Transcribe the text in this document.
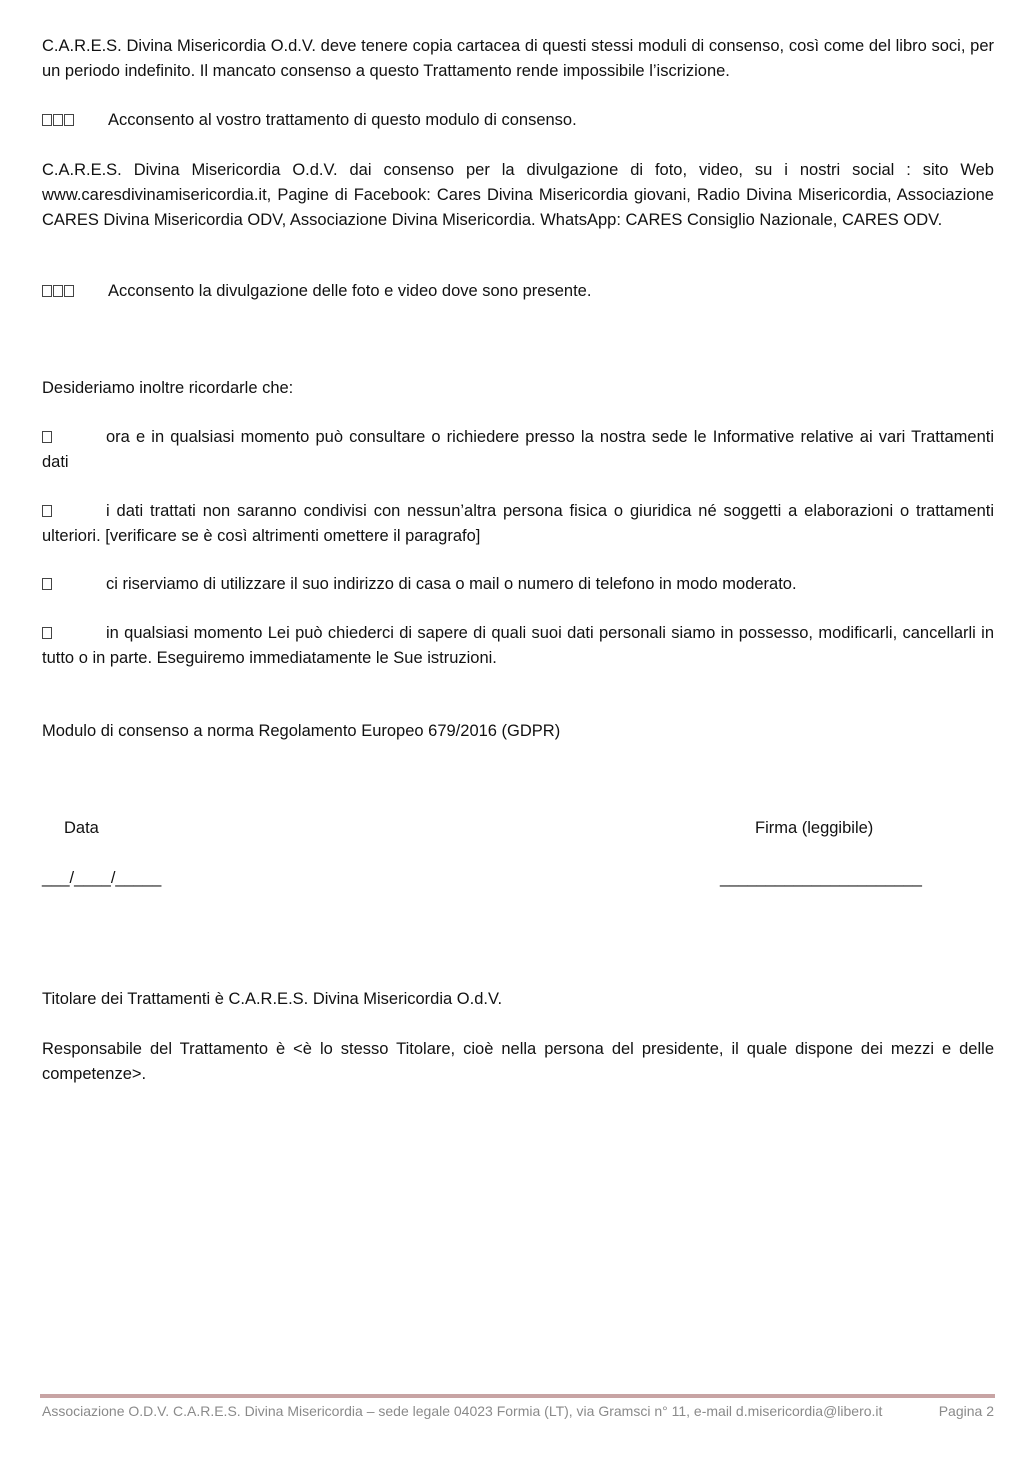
C.A.R.E.S. Divina Misericordia O.d.V. deve tenere copia cartacea di questi stessi moduli di consenso, così come del libro soci, per un periodo indefinito. Il mancato consenso a questo Trattamento rende impossibile l’iscrizione.

Acconsento al vostro trattamento di questo modulo di consenso.

C.A.R.E.S. Divina Misericordia O.d.V. dai consenso per la divulgazione di foto, video, su i nostri social : sito Web www.caresdivinamisericordia.it, Pagine di Facebook: Cares Divina Misericordia giovani, Radio Divina Misericordia, Associazione CARES Divina Misericordia ODV, Associazione Divina Misericordia. WhatsApp: CARES Consiglio Nazionale, CARES ODV.

Acconsento la divulgazione delle foto e video dove sono presente.

Desideriamo inoltre ricordarle che:

ora e in qualsiasi momento può consultare o richiedere presso la nostra sede le Informative relative ai vari Trattamenti dati

i dati trattati non saranno condivisi con nessun’altra persona fisica o giuridica né soggetti a elaborazioni o trattamenti ulteriori. [verificare se è così altrimenti omettere il paragrafo]

ci riserviamo di utilizzare il suo indirizzo di casa o mail o numero di telefono in modo moderato.

in qualsiasi momento Lei può chiederci di sapere di quali suoi dati personali siamo in possesso, modificarli, cancellarli in tutto o in parte. Eseguiremo immediatamente le Sue istruzioni.

Modulo di consenso a norma Regolamento Europeo 679/2016 (GDPR)

Data	Firma (leggibile)
___/____/_____	______________________

Titolare dei Trattamenti è C.A.R.E.S. Divina Misericordia O.d.V.

Responsabile del Trattamento è <è lo stesso Titolare, cioè nella persona del presidente, il quale dispone dei mezzi e delle competenze>.

Associazione O.D.V. C.A.R.E.S. Divina Misericordia – sede legale 04023 Formia (LT), via Gramsci n° 11, e-mail d.misericordia@libero.it	Pagina 2
